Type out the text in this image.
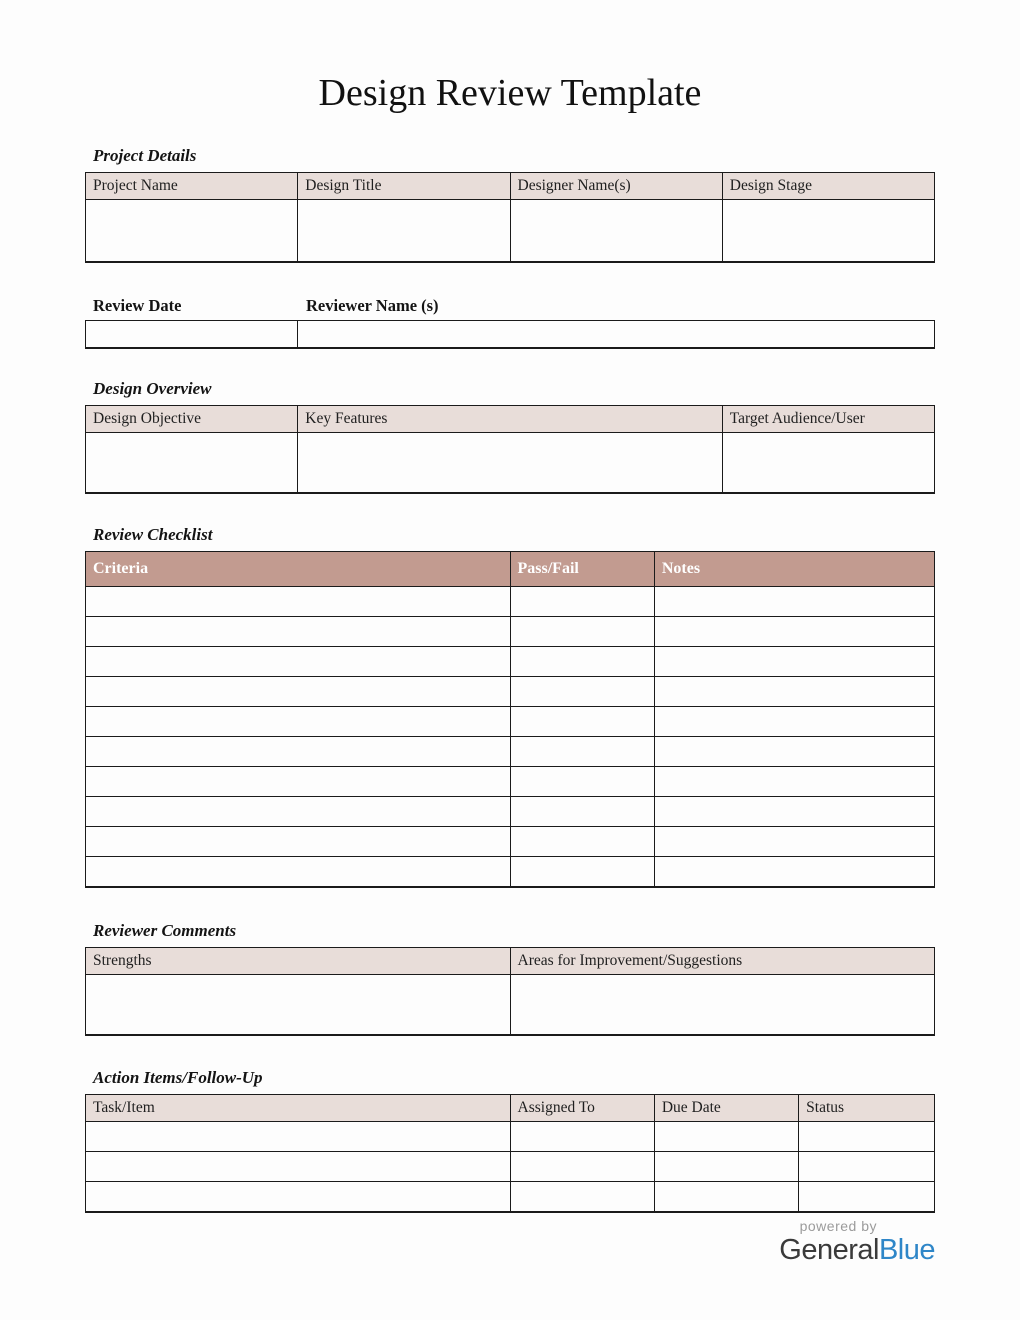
Design Review Template
Project Details
Project Name	Design Title	Designer Name(s)	Design Stage

Review Date	Reviewer Name (s)

Design Overview
Design Objective	Key Features	Target Audience/User

Review Checklist
Criteria	Pass/Fail	Notes

Reviewer Comments
Strengths	Areas for Improvement/Suggestions

Action Items/Follow-Up
Task/Item	Assigned To	Due Date	Status

powered by
GeneralBlue
